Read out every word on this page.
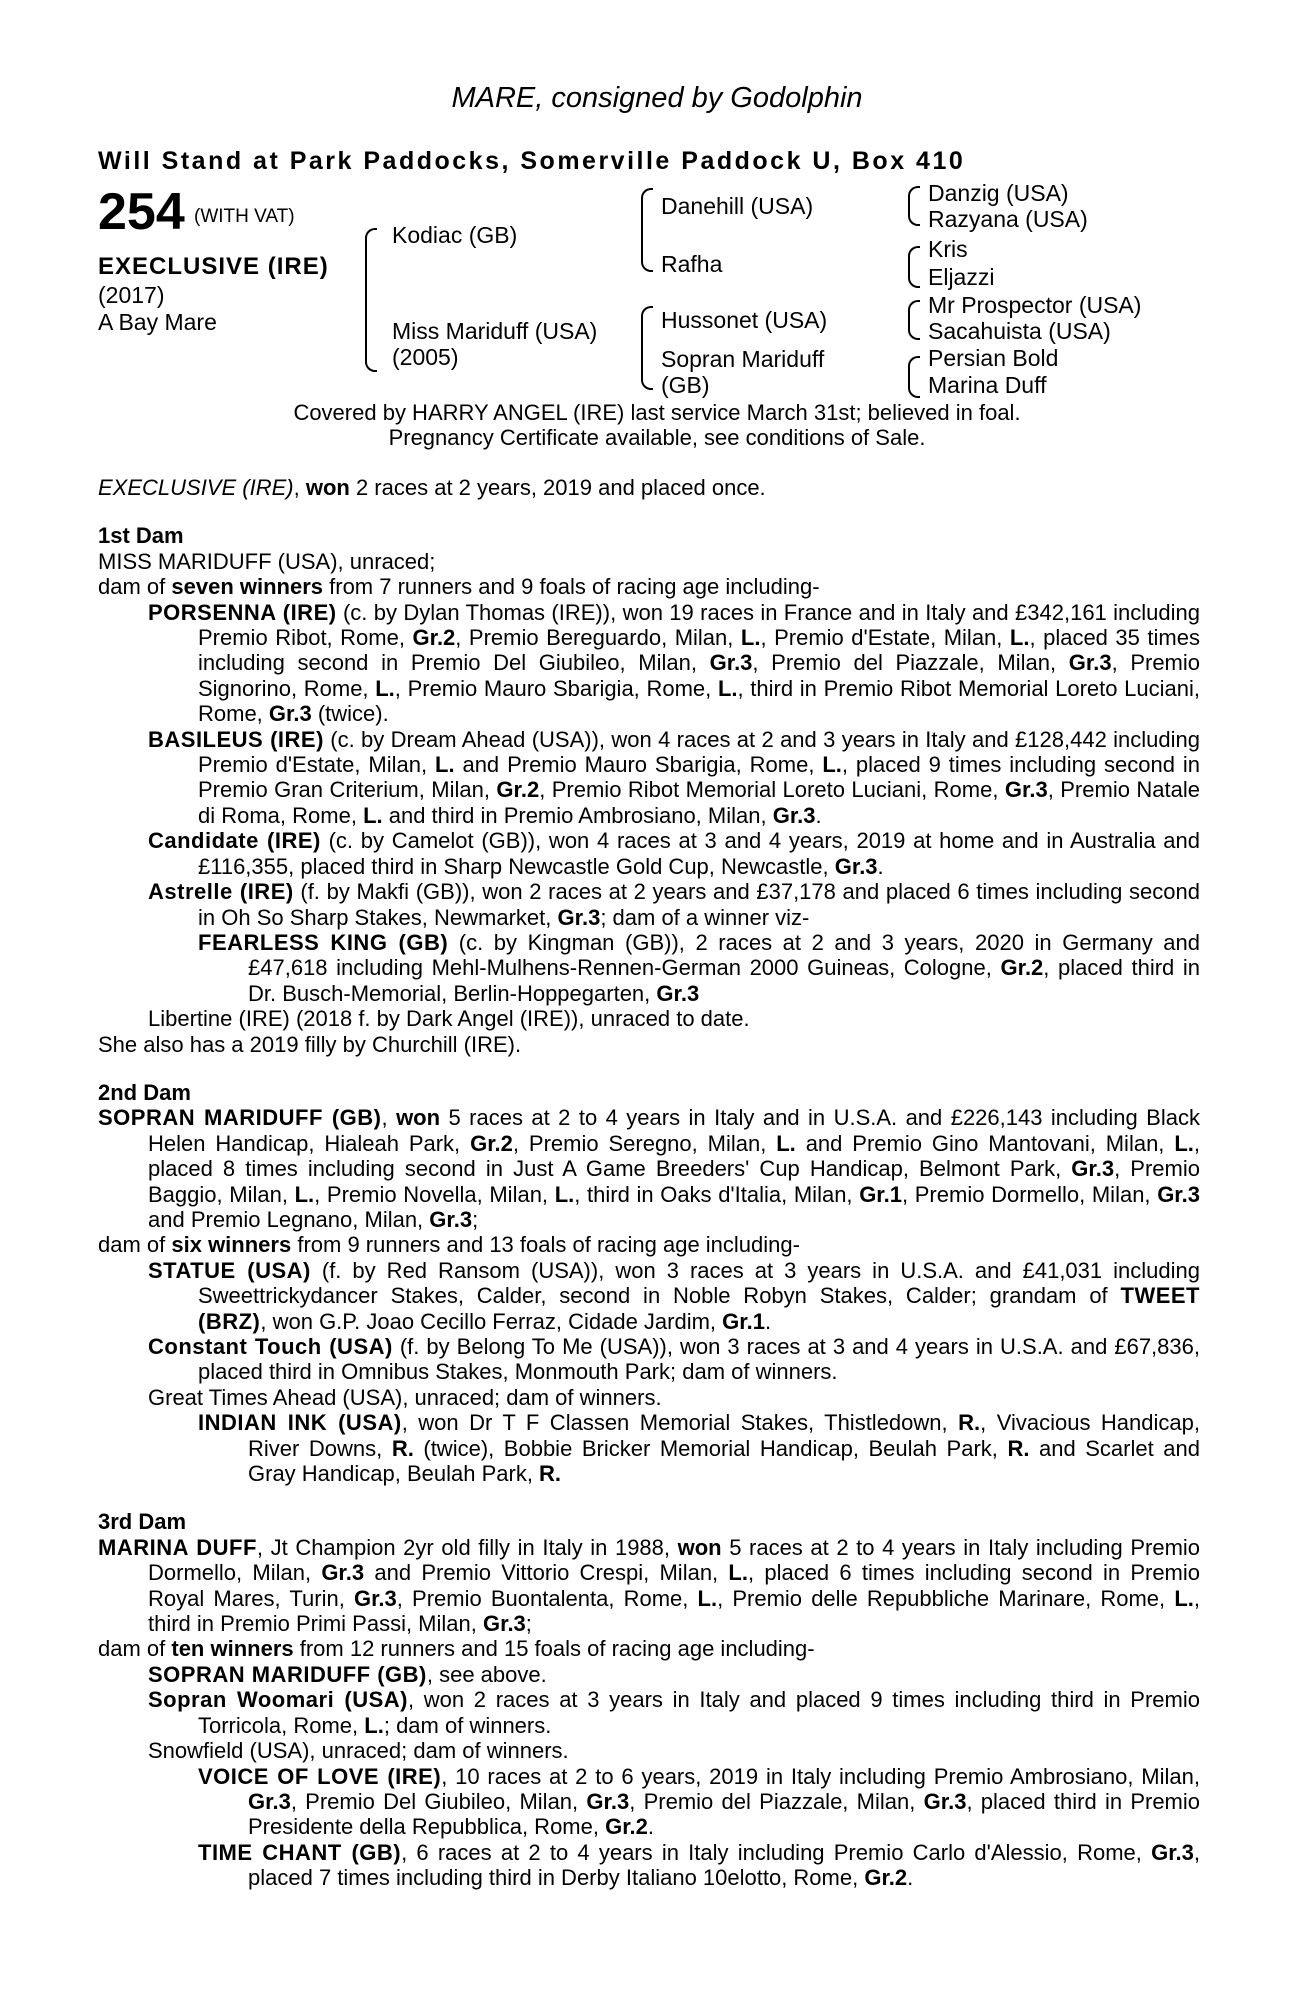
MARE, consigned by Godolphin
Will Stand at Park Paddocks, Somerville Paddock U, Box 410
254 (WITH VAT)
EXECLUSIVE (IRE)
(2017)
A Bay Mare
Kodiac (GB)
Miss Mariduff (USA)
(2005)
Danehill (USA)
Rafha
Hussonet (USA)
Sopran Mariduff
(GB)
Danzig (USA)
Razyana (USA)
Kris
Eljazzi
Mr Prospector (USA)
Sacahuista (USA)
Persian Bold
Marina Duff
Covered by HARRY ANGEL (IRE) last service March 31st; believed in foal.
Pregnancy Certificate available, see conditions of Sale.

EXECLUSIVE (IRE), won 2 races at 2 years, 2019 and placed once.

1st Dam

MISS MARIDUFF (USA), unraced;

dam of seven winners from 7 runners and 9 foals of racing age including-

PORSENNA (IRE) (c. by Dylan Thomas (IRE)), won 19 races in France and in Italy and £342,161 including Premio Ribot, Rome, Gr.2, Premio Bereguardo, Milan, L., Premio d'Estate, Milan, L., placed 35 times including second in Premio Del Giubileo, Milan, Gr.3, Premio del Piazzale, Milan, Gr.3, Premio Signorino, Rome, L., Premio Mauro Sbarigia, Rome, L., third in Premio Ribot Memorial Loreto Luciani, Rome, Gr.3 (twice).

BASILEUS (IRE) (c. by Dream Ahead (USA)), won 4 races at 2 and 3 years in Italy and £128,442 including Premio d'Estate, Milan, L. and Premio Mauro Sbarigia, Rome, L., placed 9 times including second in Premio Gran Criterium, Milan, Gr.2, Premio Ribot Memorial Loreto Luciani, Rome, Gr.3, Premio Natale di Roma, Rome, L. and third in Premio Ambrosiano, Milan, Gr.3.

Candidate (IRE) (c. by Camelot (GB)), won 4 races at 3 and 4 years, 2019 at home and in Australia and £116,355, placed third in Sharp Newcastle Gold Cup, Newcastle, Gr.3.

Astrelle (IRE) (f. by Makfi (GB)), won 2 races at 2 years and £37,178 and placed 6 times including second in Oh So Sharp Stakes, Newmarket, Gr.3; dam of a winner viz-

FEARLESS KING (GB) (c. by Kingman (GB)), 2 races at 2 and 3 years, 2020 in Germany and £47,618 including Mehl-Mulhens-Rennen-German 2000 Guineas, Cologne, Gr.2, placed third in Dr. Busch-Memorial, Berlin-Hoppegarten, Gr.3

Libertine (IRE) (2018 f. by Dark Angel (IRE)), unraced to date.

She also has a 2019 filly by Churchill (IRE).

2nd Dam

SOPRAN MARIDUFF (GB), won 5 races at 2 to 4 years in Italy and in U.S.A. and £226,143 including Black Helen Handicap, Hialeah Park, Gr.2, Premio Seregno, Milan, L. and Premio Gino Mantovani, Milan, L., placed 8 times including second in Just A Game Breeders' Cup Handicap, Belmont Park, Gr.3, Premio Baggio, Milan, L., Premio Novella, Milan, L., third in Oaks d'Italia, Milan, Gr.1, Premio Dormello, Milan, Gr.3 and Premio Legnano, Milan, Gr.3;

dam of six winners from 9 runners and 13 foals of racing age including-

STATUE (USA) (f. by Red Ransom (USA)), won 3 races at 3 years in U.S.A. and £41,031 including Sweettrickydancer Stakes, Calder, second in Noble Robyn Stakes, Calder; grandam of TWEET (BRZ), won G.P. Joao Cecillo Ferraz, Cidade Jardim, Gr.1.

Constant Touch (USA) (f. by Belong To Me (USA)), won 3 races at 3 and 4 years in U.S.A. and £67,836, placed third in Omnibus Stakes, Monmouth Park; dam of winners.

Great Times Ahead (USA), unraced; dam of winners.

INDIAN INK (USA), won Dr T F Classen Memorial Stakes, Thistledown, R., Vivacious Handicap, River Downs, R. (twice), Bobbie Bricker Memorial Handicap, Beulah Park, R. and Scarlet and Gray Handicap, Beulah Park, R.

3rd Dam

MARINA DUFF, Jt Champion 2yr old filly in Italy in 1988, won 5 races at 2 to 4 years in Italy including Premio Dormello, Milan, Gr.3 and Premio Vittorio Crespi, Milan, L., placed 6 times including second in Premio Royal Mares, Turin, Gr.3, Premio Buontalenta, Rome, L., Premio delle Repubbliche Marinare, Rome, L., third in Premio Primi Passi, Milan, Gr.3;

dam of ten winners from 12 runners and 15 foals of racing age including-

SOPRAN MARIDUFF (GB), see above.

Sopran Woomari (USA), won 2 races at 3 years in Italy and placed 9 times including third in Premio Torricola, Rome, L.; dam of winners.

Snowfield (USA), unraced; dam of winners.

VOICE OF LOVE (IRE), 10 races at 2 to 6 years, 2019 in Italy including Premio Ambrosiano, Milan, Gr.3, Premio Del Giubileo, Milan, Gr.3, Premio del Piazzale, Milan, Gr.3, placed third in Premio Presidente della Repubblica, Rome, Gr.2.

TIME CHANT (GB), 6 races at 2 to 4 years in Italy including Premio Carlo d'Alessio, Rome, Gr.3, placed 7 times including third in Derby Italiano 10elotto, Rome, Gr.2.
